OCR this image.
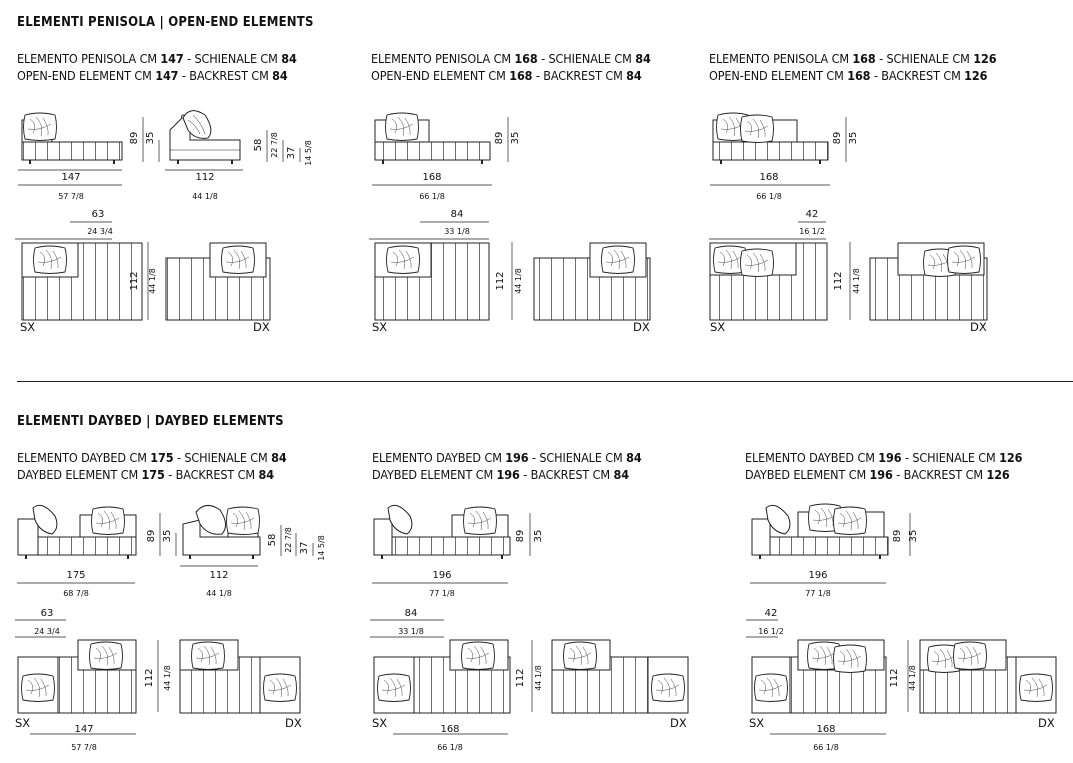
ELEMENTI PENISOLA | OPEN-END ELEMENTS
ELEMENTI DAYBED | DAYBED ELEMENTS
ELEMENTO PENISOLA CM 147 - SCHIENALE CM 84
OPEN-END ELEMENT CM 147 - BACKREST CM 84
ELEMENTO PENISOLA CM 168 - SCHIENALE CM 84
OPEN-END ELEMENT CM 168 - BACKREST CM 84
ELEMENTO PENISOLA CM 168 - SCHIENALE CM 126
OPEN-END ELEMENT CM 168 - BACKREST CM 126
ELEMENTO DAYBED CM 175 - SCHIENALE CM 84
DAYBED ELEMENT CM 175 - BACKREST CM 84
ELEMENTO DAYBED CM 196 - SCHIENALE CM 84
DAYBED ELEMENT CM 196 - BACKREST CM 84
ELEMENTO DAYBED CM 196 - SCHIENALE CM 126
DAYBED ELEMENT CM 196 - BACKREST CM 126
147
57 7/8
89 35
112
44 1/8
58 22 7/8 37 14 5/8
63
24 3/4
112 44 1/8
SX	DX
168
66 1/8
89 35
84
33 1/8
112 44 1/8
SX	DX
168
66 1/8
89 35
42
16 1/2
112 44 1/8
SX	DX
175
68 7/8
89 35
112
44 1/8
58 22 7/8 37 14 5/8
63
24 3/4
112 44 1/8
SX	DX
147
57 7/8
196
77 1/8
89 35
84
33 1/8
112 44 1/8
SX	DX
168
66 1/8
196
77 1/8
89 35
42
16 1/2
112 44 1/8
SX	DX
168
66 1/8
